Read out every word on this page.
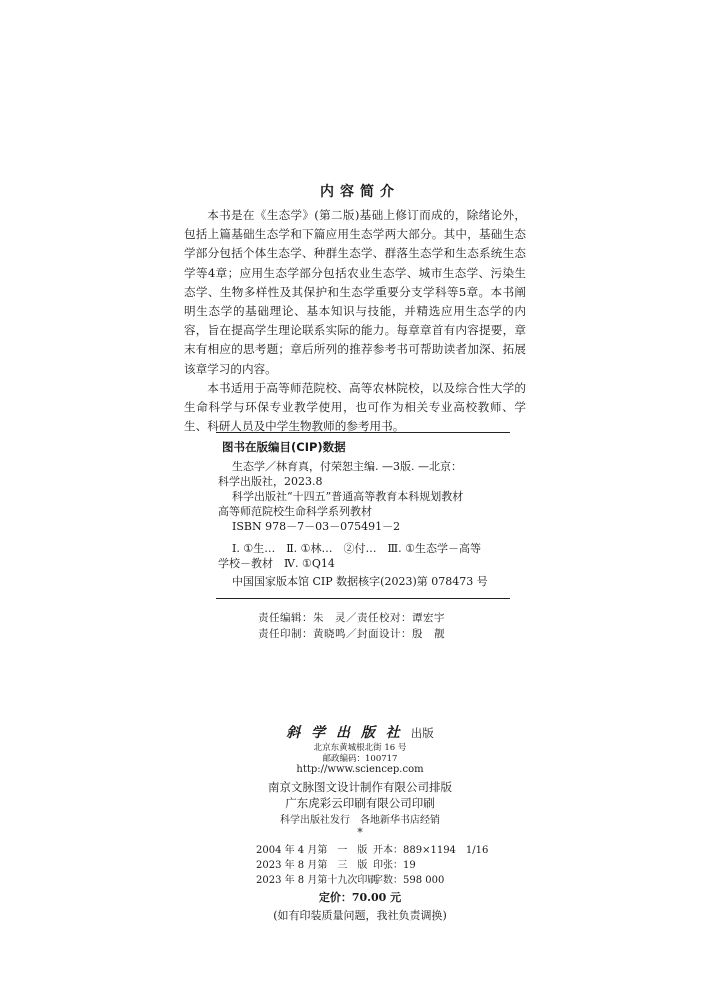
内容简介

本书是在《生态学》(第二版)基础上修订而成的，除绪论外，包括上篇基础生态学和下篇应用生态学两大部分。其中，基础生态学部分包括个体生态学、种群生态学、群落生态学和生态系统生态学等4章；应用生态学部分包括农业生态学、城市生态学、污染生态学、生物多样性及其保护和生态学重要分支学科等5章。本书阐明生态学的基础理论、基本知识与技能，并精选应用生态学的内容，旨在提高学生理论联系实际的能力。每章章首有内容提要，章末有相应的思考题；章后所列的推荐参考书可帮助读者加深、拓展该章学习的内容。

本书适用于高等师范院校、高等农林院校，以及综合性大学的生命科学与环保专业教学使用，也可作为相关专业高校教师、学生、科研人员及中学生物教师的参考用书。

图书在版编目(CIP)数据
生态学／林育真，付荣恕主编. —3版. —北京：
科学出版社，2023.8
科学出版社“十四五”普通高等教育本科规划教材
高等师范院校生命科学系列教材
ISBN 978－7－03－075491－2
Ⅰ. ①生…　Ⅱ. ①林…　②付…　Ⅲ. ①生态学－高等
学校－教材　Ⅳ. ①Q14
中国国家版本馆 CIP 数据核字(2023)第 078473 号
责任编辑：朱　灵／责任校对：谭宏宇
责任印制：黄晓鸣／封面设计：殷　靓
斜 学 出 版 社 出版
北京东黄城根北街 16 号
邮政编码：100717
http://www.sciencep.com
南京文脉图文设计制作有限公司排版
广东虎彩云印刷有限公司印刷
科学出版社发行　各地新华书店经销
*
2004 年 4 月第　一　版 开本：889×1194　1/16
2023 年 8 月第　三　版 印张：19
2023 年 8 月第十九次印刷
字数：598 000
定价：70.00 元
(如有印装质量问题，我社负责调换)
